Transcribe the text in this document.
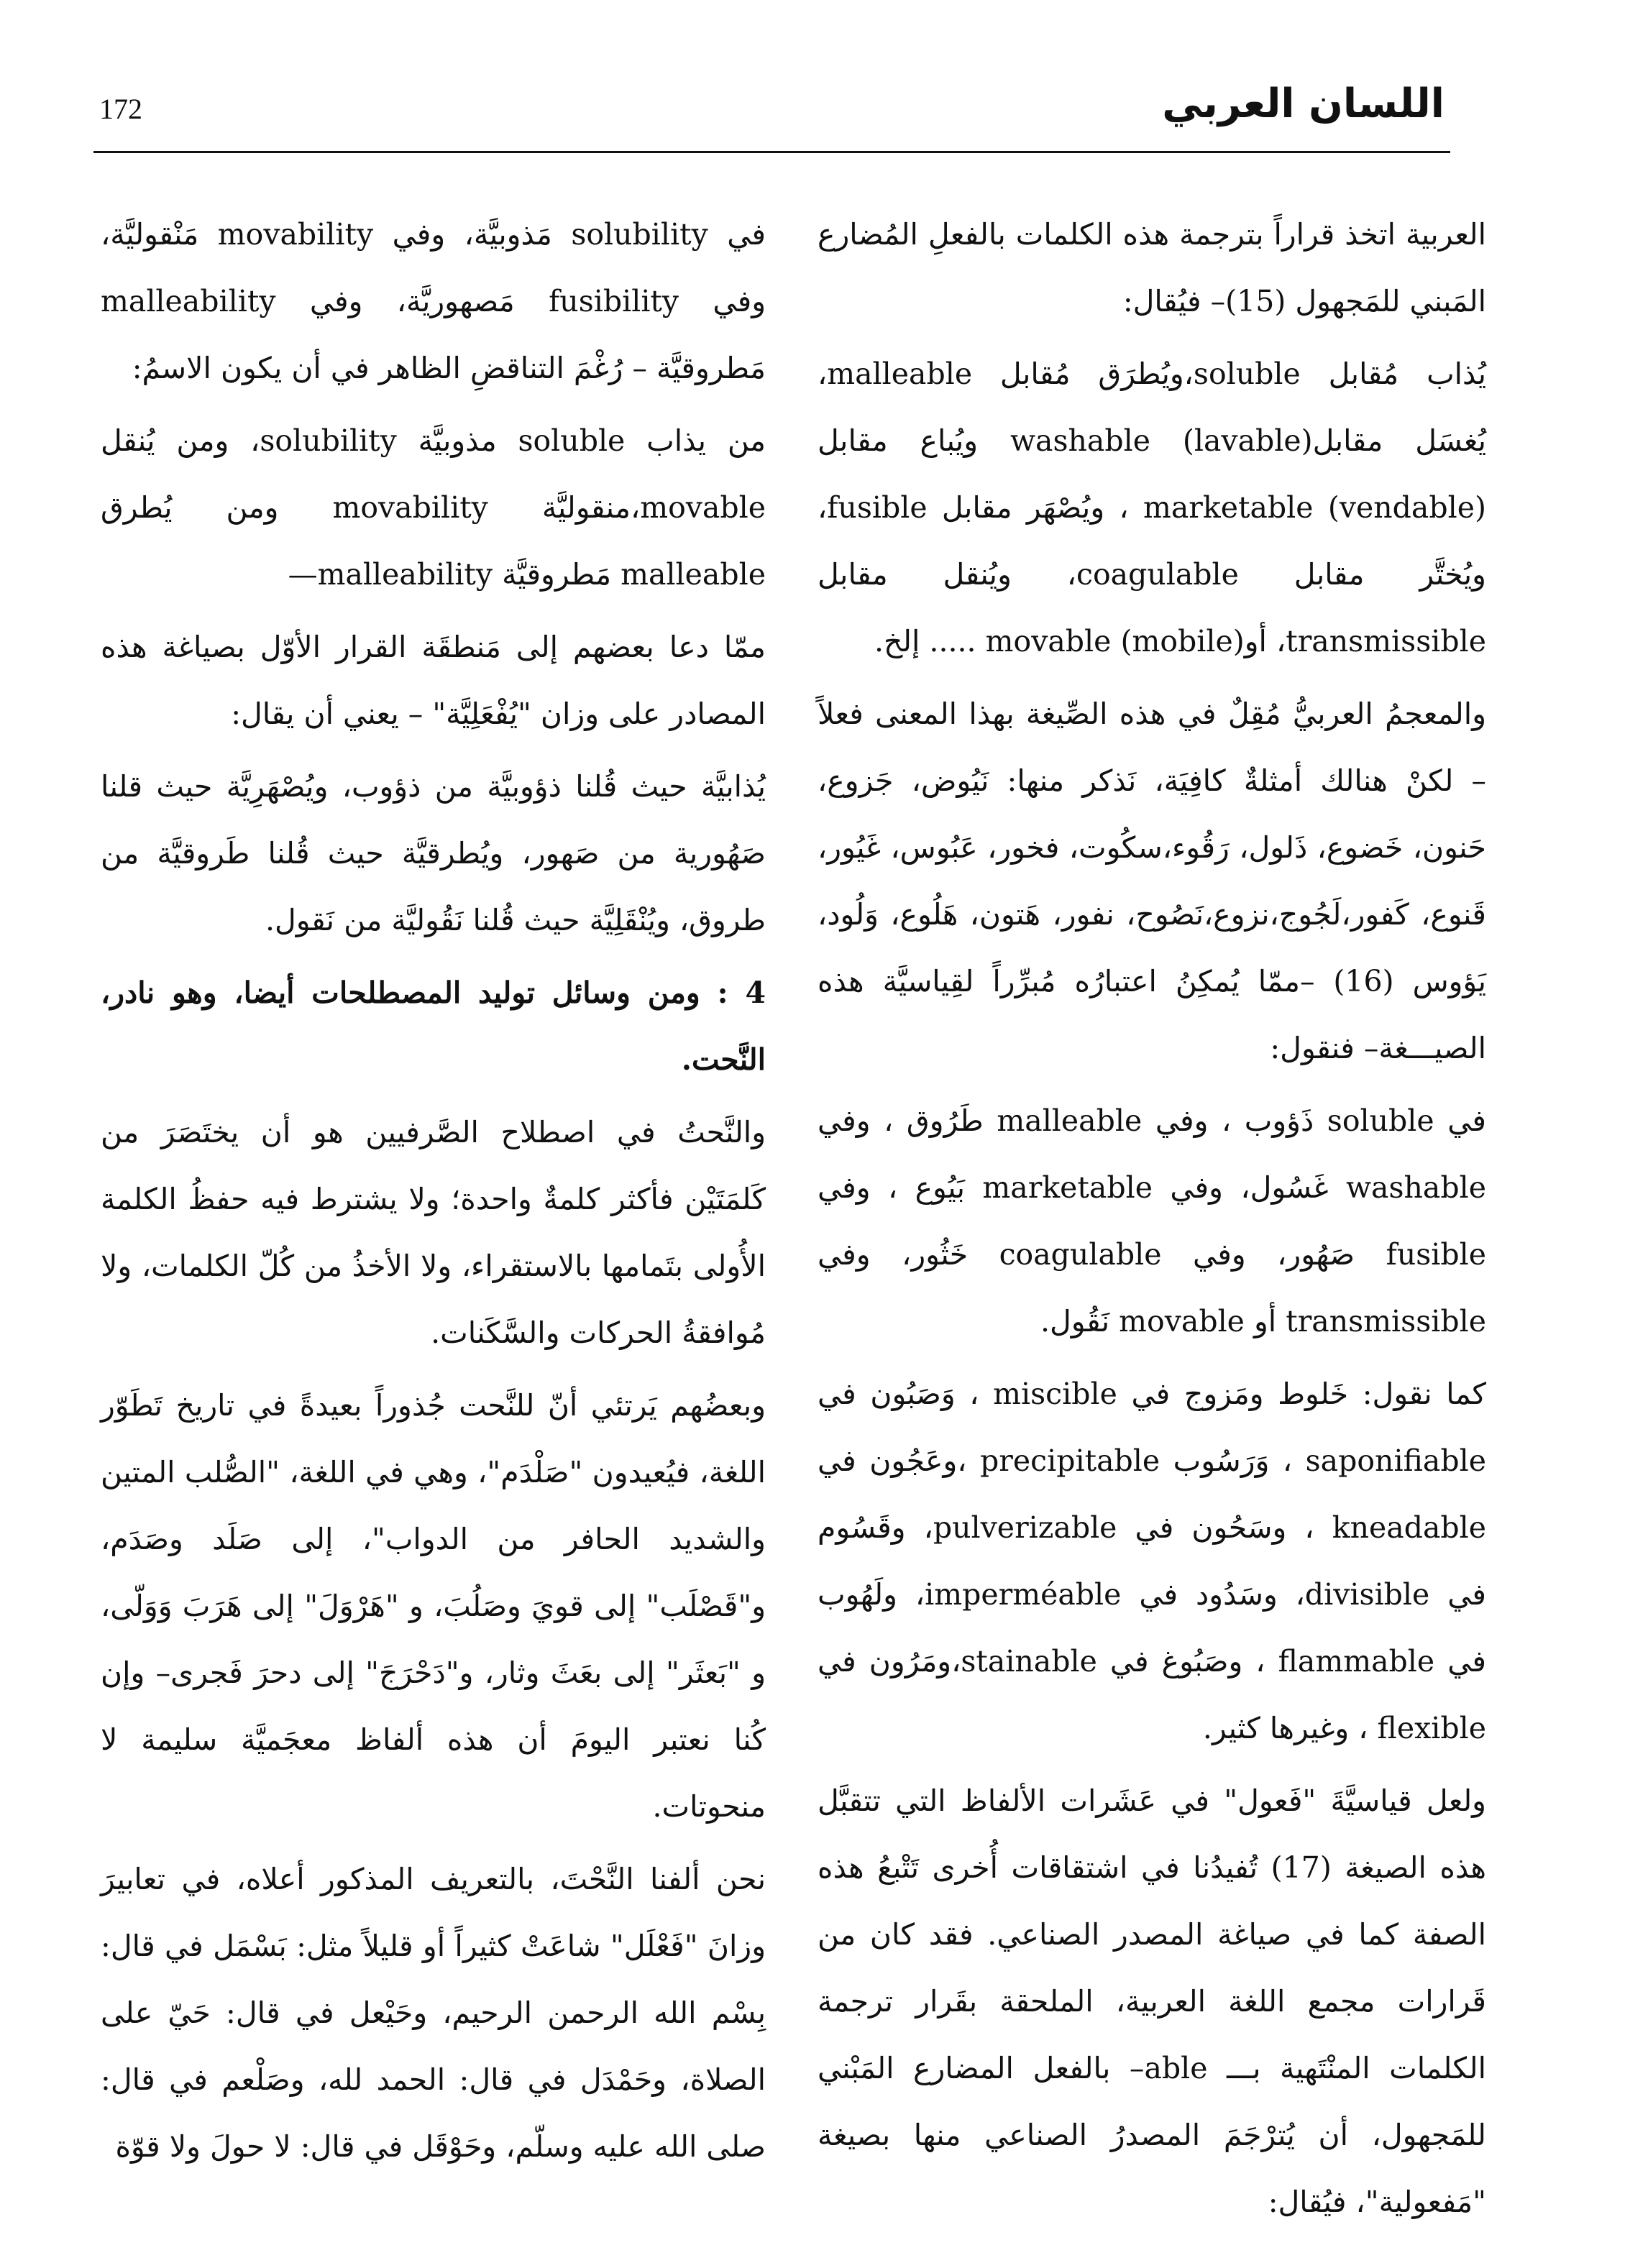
172	اللسان العربي

العربية اتخذ قراراً بترجمة هذه الكلمات بالفعلِ المُضارع المَبني للمَجهول (15)– فيُقال:

يُذاب مُقابل soluble،ويُطرَق مُقابل malleable، يُغسَل مقابل(lavable) washable ويُباع مقابل (vendable) marketable ، ويُصْهَر مقابل fusible، ويُختَّر مقابل coagulable، ويُنقل مقابل transmissible، أو(mobile) movable ..... إلخ.

والمعجمُ العربيُّ مُقِلٌ في هذه الصِّيغة بهذا المعنى فعلاً – لكنْ هنالك أمثلةٌ كافِيَة، نَذكر منها: نَيُوض، جَزوع، حَنون، خَضوع، ذَلول، رَقُوء،سكُوت، فخور، عَبُوس، غَيُور، قَنوع، كَفور،لَجُوج،نزوع،نَصُوح، نفور، هَتون، هَلُوع، وَلُود، يَؤوس (16) –ممّا يُمكِنُ اعتبارُه مُبرِّراً لقِياسيَّة هذه الصيـــغة– فنقول:

في soluble ذَؤوب ، وفي malleable طَرُوق ، وفي washable غَسُول، وفي marketable بَيُوع ، وفي fusible صَهُور، وفي coagulable خَثُور، وفي transmissible أو movable نَقُول.

كما نقول: خَلوط ومَزوج في miscible ، وَصَبُون في saponifiable ، وَرَسُوب precipitable ،وعَجُون في kneadable ، وسَحُون في pulverizable، وقَسُوم في divisible، وسَدُود في imperméable، ولَهُوب في flammable ، وصَبُوغ في stainable،ومَرُون في flexible ، وغيرها كثير.

ولعل قياسيَّةَ "فَعول" في عَشَرات الألفاظ التي تتقبَّل هذه الصيغة (17) تُفيدُنا في اشتقاقات أُخرى تَتْبعُ هذه الصفة كما في صياغة المصدر الصناعي. فقد كان من قَرارات مجمع اللغة العربية، الملحقة بقَرار ترجمة الكلمات المنْتَهية بـــ able– بالفعل المضارع المَبْني للمَجهول، أن يُترْجَمَ المصدرُ الصناعي منها بصيغة "مَفعولية"، فيُقال:

في solubility مَذوبيَّة، وفي movability مَنْقوليَّة، وفي fusibility مَصهوريَّة، وفي malleability مَطروقيَّة – رُغْمَ التناقضِ الظاهر في أن يكون الاسمُ:

من يذاب soluble مذوبيَّة solubility، ومن يُنقل movable،منقوليَّة movability ومن يُطرق malleable مَطروقيَّة malleability—

ممّا دعا بعضهم إلى مَنطقَة القرار الأوّل بصياغة هذه المصادر على وزان "يُفْعَلِيَّة" – يعني أن يقال:

يُذابيَّة حيث قُلنا ذؤوبيَّة من ذؤوب، ويُصْهَرِيَّة حيث قلنا صَهُورية من صَهور، ويُطرقيَّة حيث قُلنا طَروقيَّة من طروق، ويُنْقَلِيَّة حيث قُلنا نَقُوليَّة من نَقول.

4 : ومن وسائل توليد المصطلحات أيضا، وهو نادر، النَّحت.

والنَّحتُ في اصطلاح الصَّرفيين هو أن يختَصَرَ من كَلمَتَيْن فأكثر كلمةٌ واحدة؛ ولا يشترط فيه حفظُ الكلمة الأُولى بتَمامها بالاستقراء، ولا الأخذُ من كُلّ الكلمات، ولا مُوافقةُ الحركات والسَّكَنات.

وبعضُهم يَرتئي أنّ للنَّحت جُذوراً بعيدةً في تاريخ تَطَوّر اللغة، فيُعيدون "صَلْدَم"، وهي في اللغة، "الصُّلب المتين والشديد الحافر من الدواب"، إلى صَلَد وصَدَم، و"قَصْلَب" إلى قويَ وصَلُبَ، و "هَرْوَلَ" إلى هَرَبَ وَوَلّى، و "بَعثَر" إلى بعَثَ وثار، و"دَحْرَجَ" إلى دحرَ فَجرى– وإن كُنا نعتبر اليومَ أن هذه ألفاظ معجَميَّة سليمة لا منحوتات.

نحن ألفنا النَّحْتَ، بالتعريف المذكور أعلاه، في تعابيرَ وزانَ "فَعْلَل" شاعَتْ كثيراً أو قليلاً مثل: بَسْمَل في قال: بِسْم الله الرحمن الرحيم، وحَيْعل في قال: حَيّ على الصلاة، وحَمْدَل في قال: الحمد لله، وصَلْعم في قال: صلى الله عليه وسلّم، وحَوْقَل في قال: لا حولَ ولا قوّة
